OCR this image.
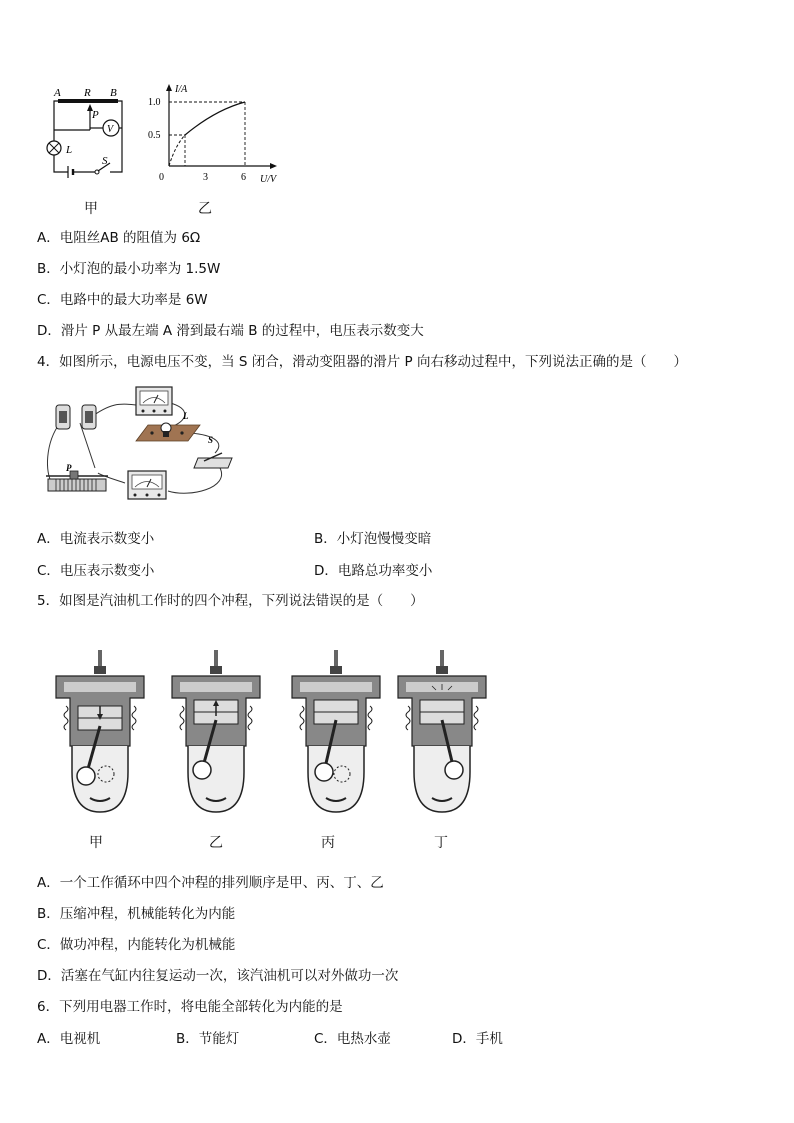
A R B
P
V
L
S
I/A
U/V
1.0
0.5
0	3	6
甲	乙
A．电阻丝AB 的阻值为 6Ω
B．小灯泡的最小功率为 1.5W
C．电路中的最大功率是 6W
D．滑片 P 从最左端 A 滑到最右端 B 的过程中，电压表示数变大
4．如图所示，电源电压不变，当 S 闭合，滑动变阻器的滑片 P 向右移动过程中，下列说法正确的是（　　）
L
S
P
A．电流表示数变小	B．小灯泡慢慢变暗
C．电压表示数变小	D．电路总功率变小
5．如图是汽油机工作时的四个冲程，下列说法错误的是（　　）
甲	乙	丙	丁
A．一个工作循环中四个冲程的排列顺序是甲、丙、丁、乙
B．压缩冲程，机械能转化为内能
C．做功冲程，内能转化为机械能
D．活塞在气缸内往复运动一次，该汽油机可以对外做功一次
6．下列用电器工作时，将电能全部转化为内能的是
A．电视机	B．节能灯	C．电热水壶	D．手机
